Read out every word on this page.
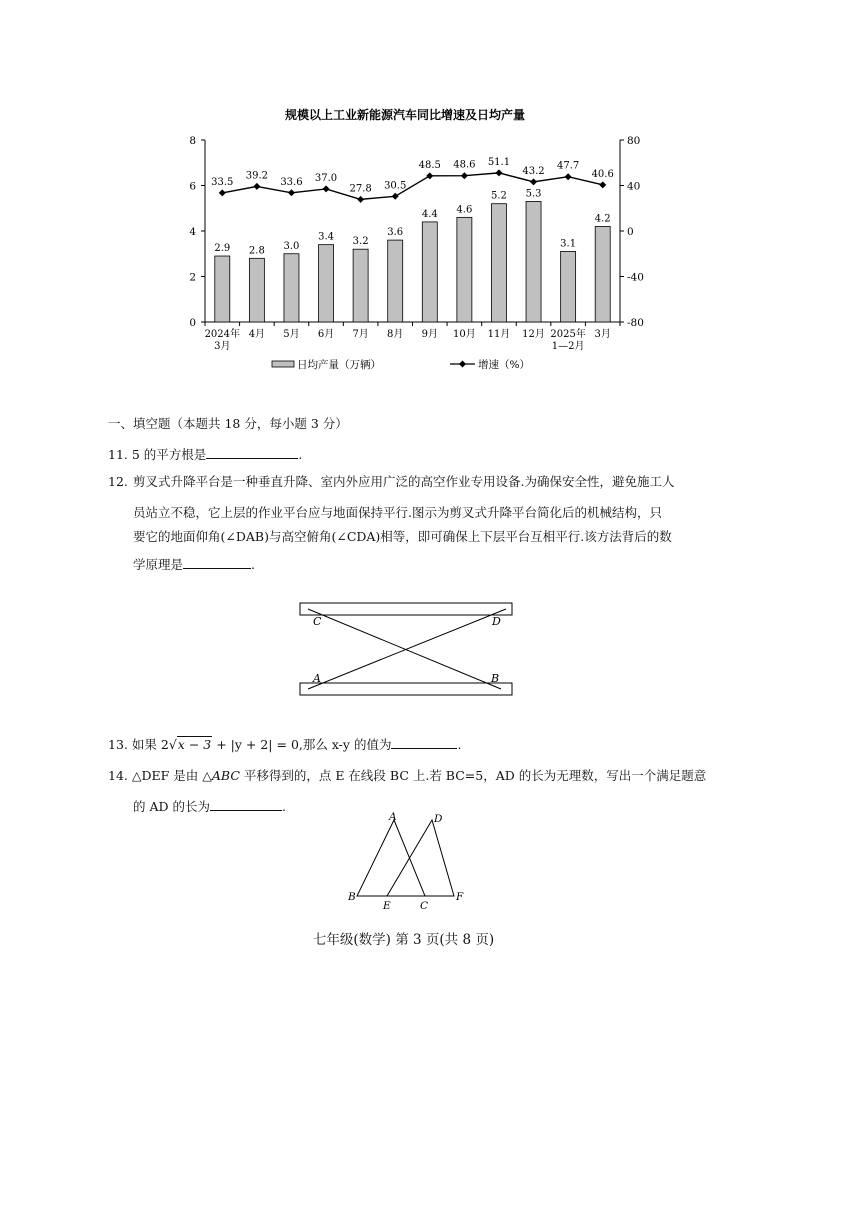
规模以上工业新能源汽车同比增速及日均产量
0
2
4
6
8
-80
-40
0
40
80
2.9 2.8 3.0
3.4 3.2
3.6
4.4 4.6
5.2 5.3
3.1
4.2
33.5
39.2
33.6 37.0
27.8 30.5
48.5 48.6 51.1
43.2 47.7
40.6
2024年
3月
4月 5月 6月 7月 8月 9月 10月 11月 12月 2025年
1—2月
3月
日均产量（万辆）	增速（%）
一、填空题（本题共 18 分，每小题 3 分）
11. 5 的平方根是	.
12. 剪叉式升降平台是一种垂直升降、室内外应用广泛的高空作业专用设备.为确保安全性，避免施工人
员站立不稳，它上层的作业平台应与地面保持平行.图示为剪叉式升降平台简化后的机械结构，只
要它的地面仰角(∠DAB)与高空俯角(∠CDA)相等，即可确保上下层平台互相平行.该方法背后的数
学原理是	.
C	D
A	B
13. 如果 2√x − 3 + |y + 2| = 0,那么 x-y 的值为	.
14. △DEF 是由 △ABC 平移得到的，点 E 在线段 BC 上.若 BC=5，AD 的长为无理数，写出一个满足题意
的 AD 的长为	.
A	D
B
E	C
F
七年级(数学) 第 3 页(共 8 页)
